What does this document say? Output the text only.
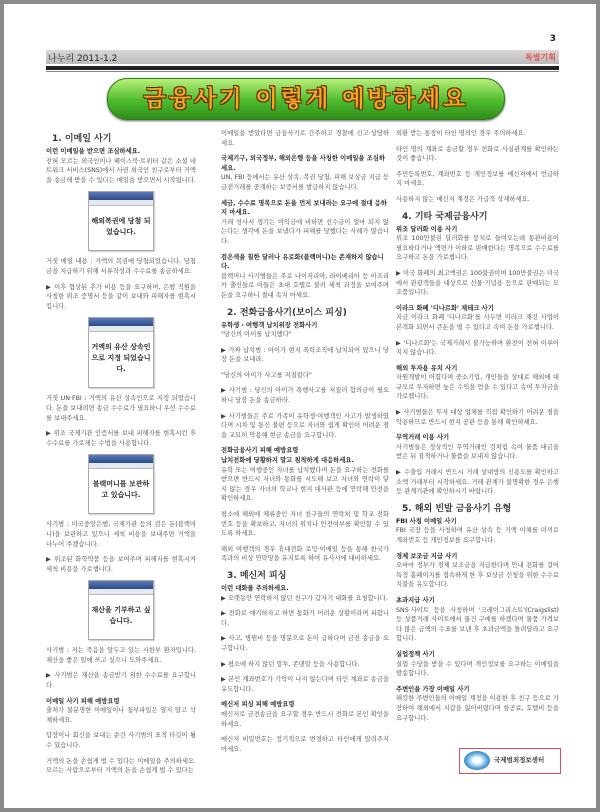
3
나누리 2011-1.2	특별기획
금융사기 이렇게 예방하세요
1. 이메일 사기
이런 이메일을 받으면 조심하세요.
전혀 모르는 외국인이나 페이스북·트위터 같은 소셜 네트워크 서비스(SNS)에서 사귄 외국인 친구로부터 거액을 송금해 받을 수 있다는 메일을 받으면서 시작됩니다.
해외복권에 당첨 되었습니다.
거짓 메일 내용 : 거액의 복권에 당첨되었습니다. 당첨금을 지급하기 위해 서류작성과 수수료를 송금하세요.
▶ 이후 협상된 추가 비용 등을 요구하며, 은행 직원을 사칭한 위조 증명서 등을 같이 보내와 피해자를 현혹시킵니다.
거액의 유산 상속인으로 지정 되었습니다.
거짓 UN·FBI : 거액의 유산 상속인으로 지정 되었습니다. 돈을 보내려면 송금 수수료가 필요하니 우선 수수료를 보내주세요.
▶ 위조 국제기관 인증서를 보내 피해자를 현혹시킨 후 수수료를 가로채는 수법을 사용합니다.
블랙머니를 보관하고 있습니다.
사기범 : 미국중앙은행, 국제기관 등의 검은 돈(블랙머니)을 보관하고 있으니 세척 비용을 보내주면 거액을 나누어 주겠습니다.
▶ 위조된 화학약품 등을 보여주며 피해자를 현혹시켜 세척 비용을 가로챕니다.
재산을 기부하고 싶습니다.
사기범 : 저는 죽음을 앞두고 있는 시한부 환자입니다. 재산을 좋은 일에 쓰고 싶으니 도와주세요.
▶ 사기범은 재산을 송금받기 위한 수수료를 요구합니다.
이메일 사기 피해 예방요령
출처가 불분명한 이메일이나 첨부파일은 열지 말고 삭제하세요.
답장이나 회신을 보내는 순간 사기범의 표적 타깃이 될 수 있습니다.
거액의 돈을 손쉽게 벌 수 있다는 이메일을 주의하세요. 모르는 사람으로부터 거액의 돈을 손쉽게 벌 수 있다는
이메일을 받았다면 금융사기로 간주하고 경찰에 신고·상담하세요.
국제기구, 외국정부, 해외은행 등을 사칭한 이메일을 조심하세요.
UN, FBI 등에서는 유산 상속, 복권 당첨, 피해 보상금 지급 등 금전거래를 중개하는 보증서를 발급하지 않습니다.
세금, 수수료 명목으로 돈을 먼저 보내라는 요구에 절대 응하지 마세요.
거래 성사시 생기는 이익금에 비하면 선수금이 얼마 되지 않는다는 생각에 돈을 보냈다가 피해를 당했다는 사례가 많습니다.
검은색을 칠한 달러나 유로화(블랙머니)는 존재하지 않습니다.
블랙머니 사기범들은 주로 나이지리아, 라이베리아 등 아프리카 출신들로 이들은 초대 호텔로 불러 세척 과정을 보여주며 돈을 요구하니 절대 속지 마세요.
2. 전화금융사기(보이스 피싱)
유학생 · 여행객 납치위장 전화사기
"당신의 아이를 납치했다"
▶ 가짜 납치범 : 아이가 현지 폭력조직에 납치되어 있으니 당장 돈을 보내라.
"당신의 아이가 사고를 저질렀다"
▶ 사기범 : 당신의 아이가 폭행사고를 저질러 합의금이 필요하니 당장 돈을 송금하라.
▶ 사기범들은 주로 가족이 유학생·여행객인 사고가 발생하였다며 시차 및 통신 불편 등으로 자녀와 쉽게 확인이 어려운 점을 교묘히 악용해 현금 송금을 요구합니다.
전화금융사기 피해 예방요령
납치전화에 당황하지 말고 침착하게 대응하세요.
유학 또는 여행중인 자녀를 납치했다며 돈을 요구하는 전화를 받으면 반드시 자녀와 통화를 시도해 보고 자녀와 연락이 닿지 않는 경우 자녀의 학교나 현지 대사관 등에 연락해 안전을 확인하세요.
평소에 해외에 체류중인 자녀 친구들의 연락처 및 학교 전화번호 등을 확보하고, 자녀의 위치나 안전여부를 확인할 수 있도록 하세요.
해외 여행객의 경우 휴대전화 로밍·이메일 등을 통해 한국가족과의 비상 연락망을 유지토록 하여 유사시에 대비하세요.
3. 메신저 피싱
이런 대화를 주의하세요.
▶ 오랫동안 연락하지 않던 친구가 갑자기 대화를 요청합니다.
▶ 전화로 얘기하자고 하면 통화가 어려운 상황이라며 피합니다.
▶ 사고, 병원비 등을 명분으로 돈이 급하다며 금전 송금을 요구합니다.
▶ 평소에 하지 않던 말투, 존댓말 등을 사용합니다.
▶ 본인 계좌번호가 기억이 나지 않는다며 타인 계좌로 송금을 유도합니다.
메신저 피싱 피해 예방요령
메신저로 금전송금을 요구할 경우 반드시 전화로 본인 확인을 하세요.
메신저 비밀번호는 정기적으로 변경하고 타인에게 알려주지 마세요.
외환 받는 통장이 타인 명의인 경우 주의하세요.
타인 명의 계좌로 송금할 경우 전화로 사실관계를 확인하는 것이 좋습니다.
주민등록번호, 계좌번호 등 개인정보를 메신저에서 언급하지 마세요.
사용하지 않는 메신저 계정은 가급적 삭제하세요.
4. 기타 국제금융사기
위조 달러화 이용 사기
위조 100만불권 달러화를 뭉치로 들여오는데 통관비용이 필요하다거나 액면가 이하로 판매한다는 명목으로 수수료를 요구하고 돈을 가로챕니다.
▶ 미국 화폐의 최고액권은 100불권이며 100만불권은 미국에서 관광객들을 대상으로 선물·기념용 등으로 판매되는 모조품입니다.
이라크 화폐 '디나르화' 재테크 사기
지금 이라크 화폐 '디나르화'를 사두면 이라크 재건 사업이 본격화 되면서 큰돈을 벌 수 있다고 속여 돈을 가로챕니다.
▶ '디나르화'는 국제거래시 불가능하며 환전이 전혀 이루어지지 않습니다.
해외 투자용 유치 사기
자원개발이 어렵다며 중소기업, 개인들을 상대로 해외에 대규모로 투자하면 높은 수익을 얻을 수 있다고 속여 투자금을 가로챕니다.
▶ 사기범들은 투자 대상 업체를 직접 확인하기 어려운 점을 악용하므로 반드시 현지 공관 등을 통해 확인하세요.
무역거래 이용 사기
사기범들은 정상적인 무역거래인 것처럼 속여 물품 대금을 받은 뒤 잠적하거나 물품을 보내지 않습니다.
▶ 수출입 거래시 반드시 거래 상대방의 신용도를 확인하고 소액 거래부터 시작하세요. 거래 관계가 불명확한 경우 은행 등 관계기관에 확인하시기 바랍니다.
5. 해외 빈발 금융사기 유형
FBI 사칭 이메일 사기
FBI 국장 등을 사칭하며 유산 상속 등 거액 이체를 미끼로 계좌번호 등 개인정보를 요구합니다.
경제 보조금 지급 사기
오바마 정부가 경제 보조금을 지급한다며 안내 전화를 걸어 특정 홈페이지를 접속하게 한 후 보상금 신청을 위한 수수료 지불을 유도합니다.
초과지급 사기
SNS·사이트 등을 사칭하며 '크레이그리스트'(Craigslist) 등 상품거래 사이트에서 물건 구매를 하겠다며 물품 가격보다 많은 금액의 수표를 보낸 후 초과금액을 돌려달라고 요구합니다.
실업정책 사기
실업 수당을 받을 수 있다며 개인정보를 요구하는 이메일을 발송합니다.
주변인을 가장 이메일 사기
해킹한 주변인들의 이메일 계정을 이용한 후 친구 등으로 가장하여 해외에서 지갑을 잃어버렸다며 항공료, 호텔비 등을 요구합니다.
국제범죄정보센터
